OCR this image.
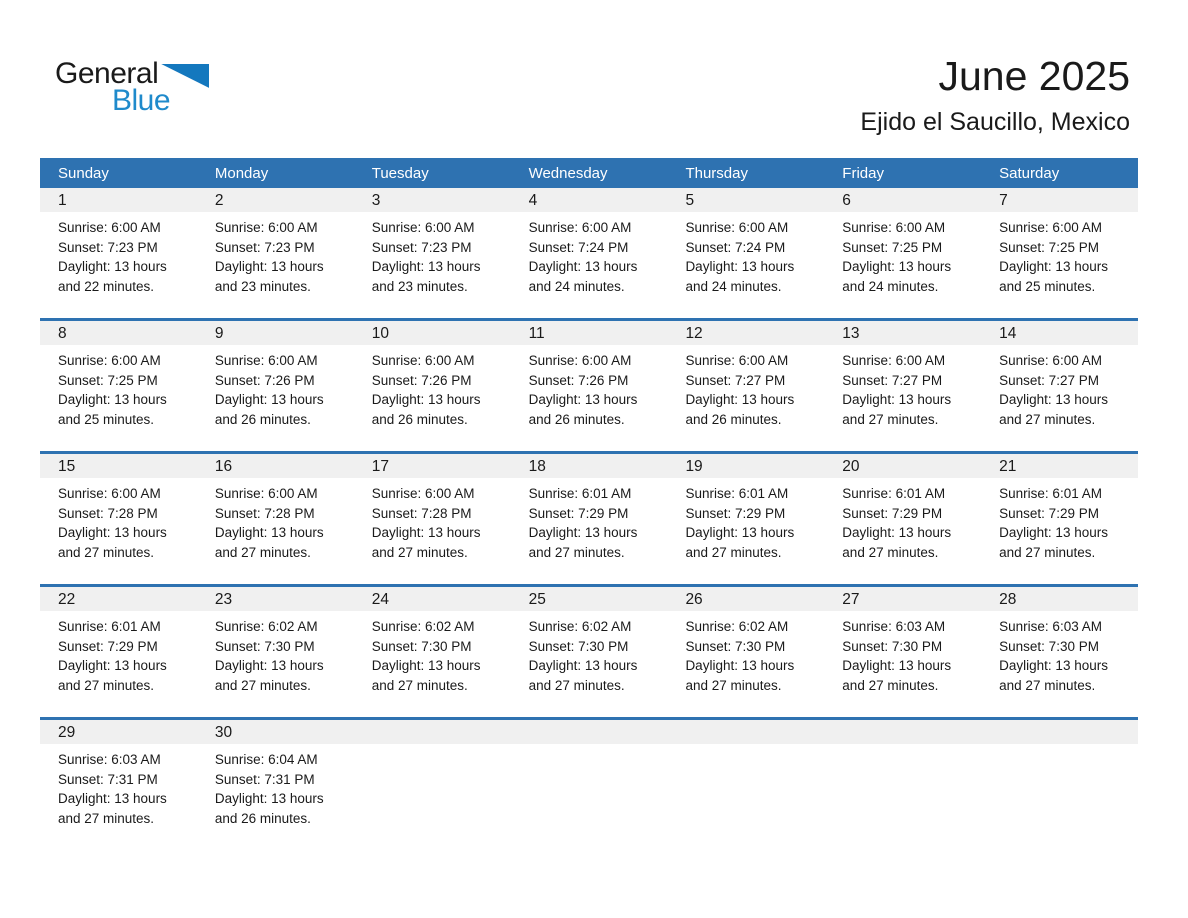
General
Blue
June 2025
Ejido el Saucillo, Mexico
Sunday	Monday	Tuesday	Wednesday	Thursday	Friday	Saturday
1	2	3	4	5	6	7
Sunrise: 6:00 AM
Sunset: 7:23 PM
Daylight: 13 hours
and 22 minutes.
Sunrise: 6:00 AM
Sunset: 7:23 PM
Daylight: 13 hours
and 23 minutes.
Sunrise: 6:00 AM
Sunset: 7:23 PM
Daylight: 13 hours
and 23 minutes.
Sunrise: 6:00 AM
Sunset: 7:24 PM
Daylight: 13 hours
and 24 minutes.
Sunrise: 6:00 AM
Sunset: 7:24 PM
Daylight: 13 hours
and 24 minutes.
Sunrise: 6:00 AM
Sunset: 7:25 PM
Daylight: 13 hours
and 24 minutes.
Sunrise: 6:00 AM
Sunset: 7:25 PM
Daylight: 13 hours
and 25 minutes.
8	9	10	11	12	13	14
Sunrise: 6:00 AM
Sunset: 7:25 PM
Daylight: 13 hours
and 25 minutes.
Sunrise: 6:00 AM
Sunset: 7:26 PM
Daylight: 13 hours
and 26 minutes.
Sunrise: 6:00 AM
Sunset: 7:26 PM
Daylight: 13 hours
and 26 minutes.
Sunrise: 6:00 AM
Sunset: 7:26 PM
Daylight: 13 hours
and 26 minutes.
Sunrise: 6:00 AM
Sunset: 7:27 PM
Daylight: 13 hours
and 26 minutes.
Sunrise: 6:00 AM
Sunset: 7:27 PM
Daylight: 13 hours
and 27 minutes.
Sunrise: 6:00 AM
Sunset: 7:27 PM
Daylight: 13 hours
and 27 minutes.
15	16	17	18	19	20	21
Sunrise: 6:00 AM
Sunset: 7:28 PM
Daylight: 13 hours
and 27 minutes.
Sunrise: 6:00 AM
Sunset: 7:28 PM
Daylight: 13 hours
and 27 minutes.
Sunrise: 6:00 AM
Sunset: 7:28 PM
Daylight: 13 hours
and 27 minutes.
Sunrise: 6:01 AM
Sunset: 7:29 PM
Daylight: 13 hours
and 27 minutes.
Sunrise: 6:01 AM
Sunset: 7:29 PM
Daylight: 13 hours
and 27 minutes.
Sunrise: 6:01 AM
Sunset: 7:29 PM
Daylight: 13 hours
and 27 minutes.
Sunrise: 6:01 AM
Sunset: 7:29 PM
Daylight: 13 hours
and 27 minutes.
22	23	24	25	26	27	28
Sunrise: 6:01 AM
Sunset: 7:29 PM
Daylight: 13 hours
and 27 minutes.
Sunrise: 6:02 AM
Sunset: 7:30 PM
Daylight: 13 hours
and 27 minutes.
Sunrise: 6:02 AM
Sunset: 7:30 PM
Daylight: 13 hours
and 27 minutes.
Sunrise: 6:02 AM
Sunset: 7:30 PM
Daylight: 13 hours
and 27 minutes.
Sunrise: 6:02 AM
Sunset: 7:30 PM
Daylight: 13 hours
and 27 minutes.
Sunrise: 6:03 AM
Sunset: 7:30 PM
Daylight: 13 hours
and 27 minutes.
Sunrise: 6:03 AM
Sunset: 7:30 PM
Daylight: 13 hours
and 27 minutes.
29	30
Sunrise: 6:03 AM
Sunset: 7:31 PM
Daylight: 13 hours
and 27 minutes.
Sunrise: 6:04 AM
Sunset: 7:31 PM
Daylight: 13 hours
and 26 minutes.
